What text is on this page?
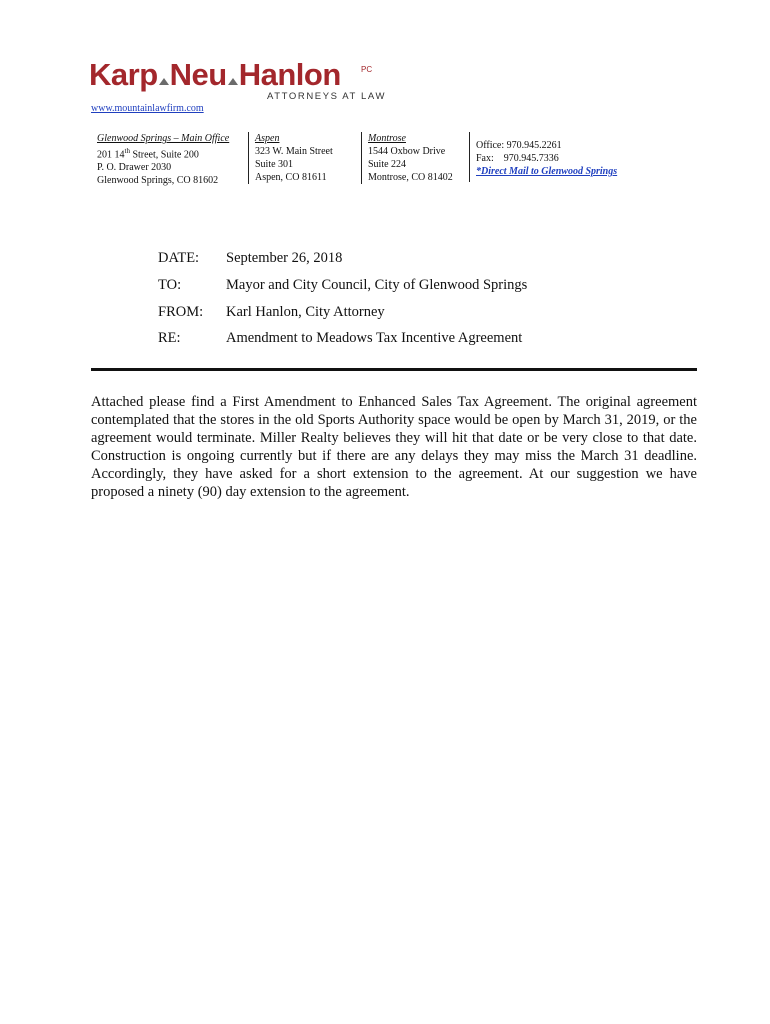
Karp Neu Hanlon	PC
ATTORNEYS AT LAW
www.mountainlawfirm.com
Glenwood Springs – Main Office
201 14th Street, Suite 200
P. O. Drawer 2030
Glenwood Springs, CO 81602
Aspen
323 W. Main Street
Suite 301
Aspen, CO 81611
Montrose
1544 Oxbow Drive
Suite 224
Montrose, CO 81402
Office: 970.945.2261
Fax:    970.945.7336
*Direct Mail to Glenwood Springs
DATE: September 26, 2018
TO:	Mayor and City Council, City of Glenwood Springs
FROM: Karl Hanlon, City Attorney
RE:	Amendment to Meadows Tax Incentive Agreement

Attached please find a First Amendment to Enhanced Sales Tax Agreement. The original agreement contemplated that the stores in the old Sports Authority space would be open by March 31, 2019, or the agreement would terminate. Miller Realty believes they will hit that date or be very close to that date. Construction is ongoing currently but if there are any delays they may miss the March 31 deadline. Accordingly, they have asked for a short extension to the agreement. At our suggestion we have proposed a ninety (90) day extension to the agreement.
